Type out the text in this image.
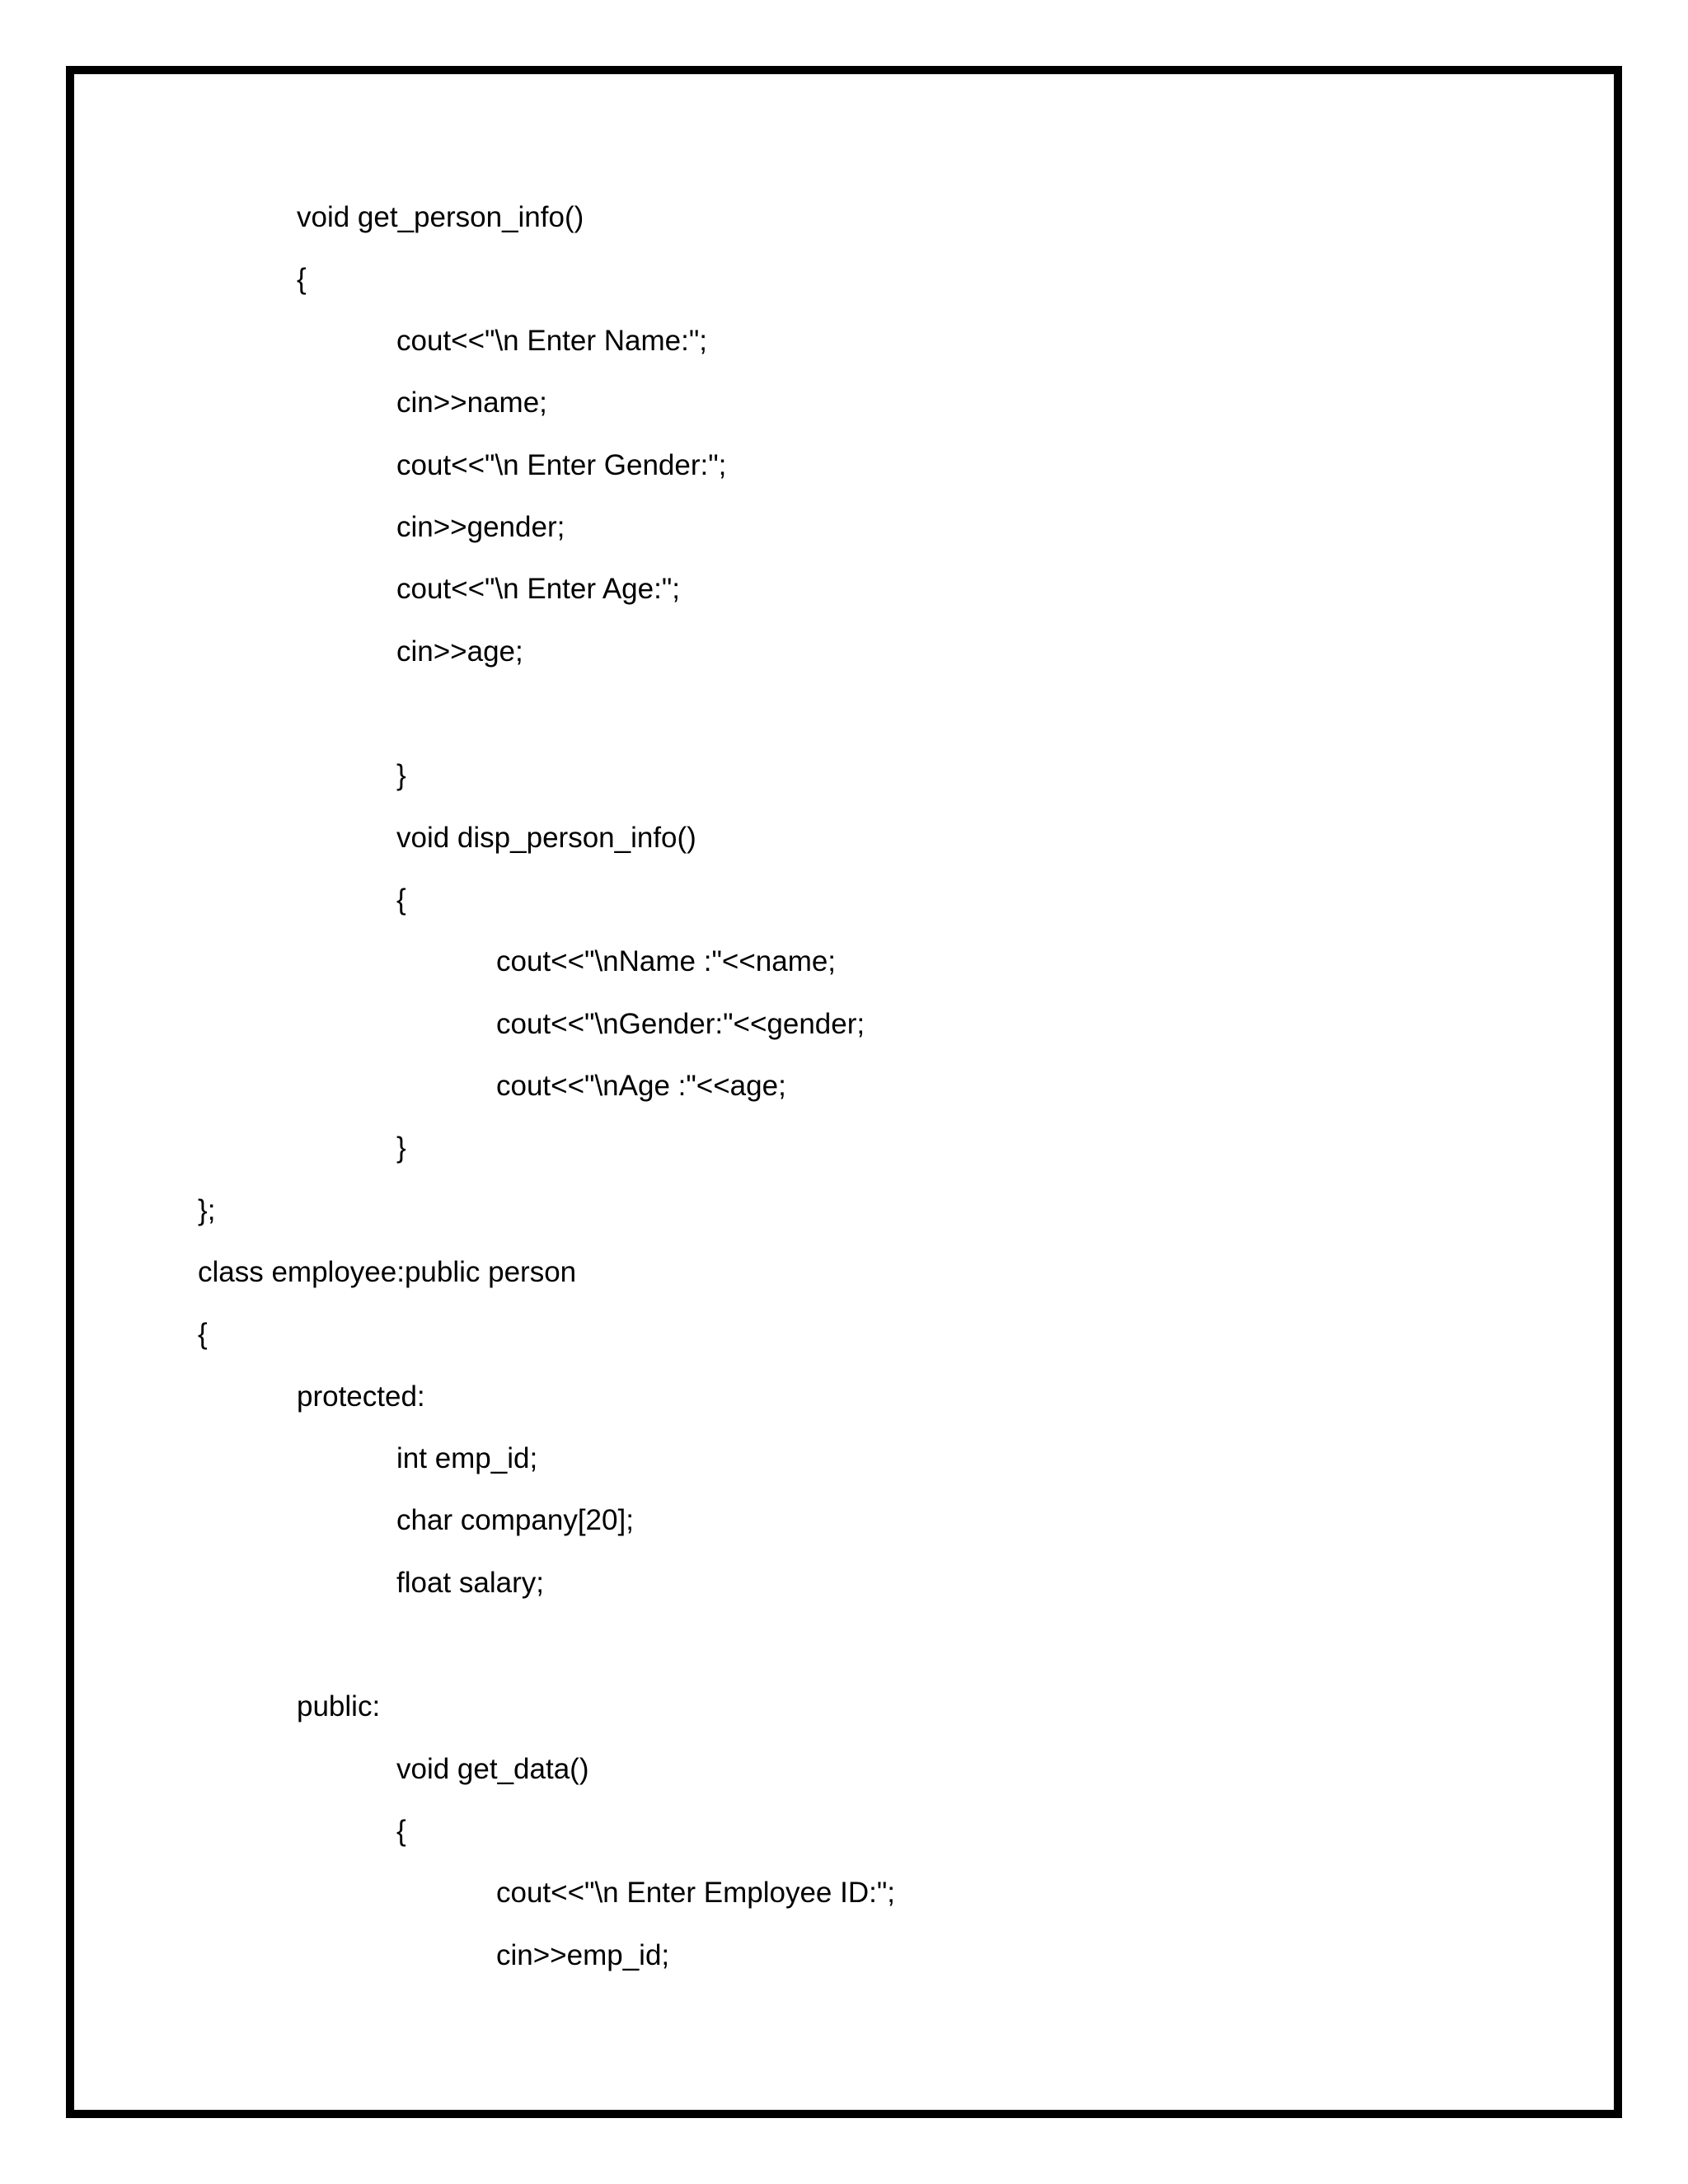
void get_person_info()

{

cout<<"\n Enter Name:";

cin>>name;

cout<<"\n Enter Gender:";

cin>>gender;

cout<<"\n Enter Age:";

cin>>age;

}

void disp_person_info()

{

cout<<"\nName :"<<name;

cout<<"\nGender:"<<gender;

cout<<"\nAge :"<<age;

}

};

class employee:public person

{

protected:

int emp_id;

char company[20];

float salary;

public:

void get_data()

{

cout<<"\n Enter Employee ID:";

cin>>emp_id;
